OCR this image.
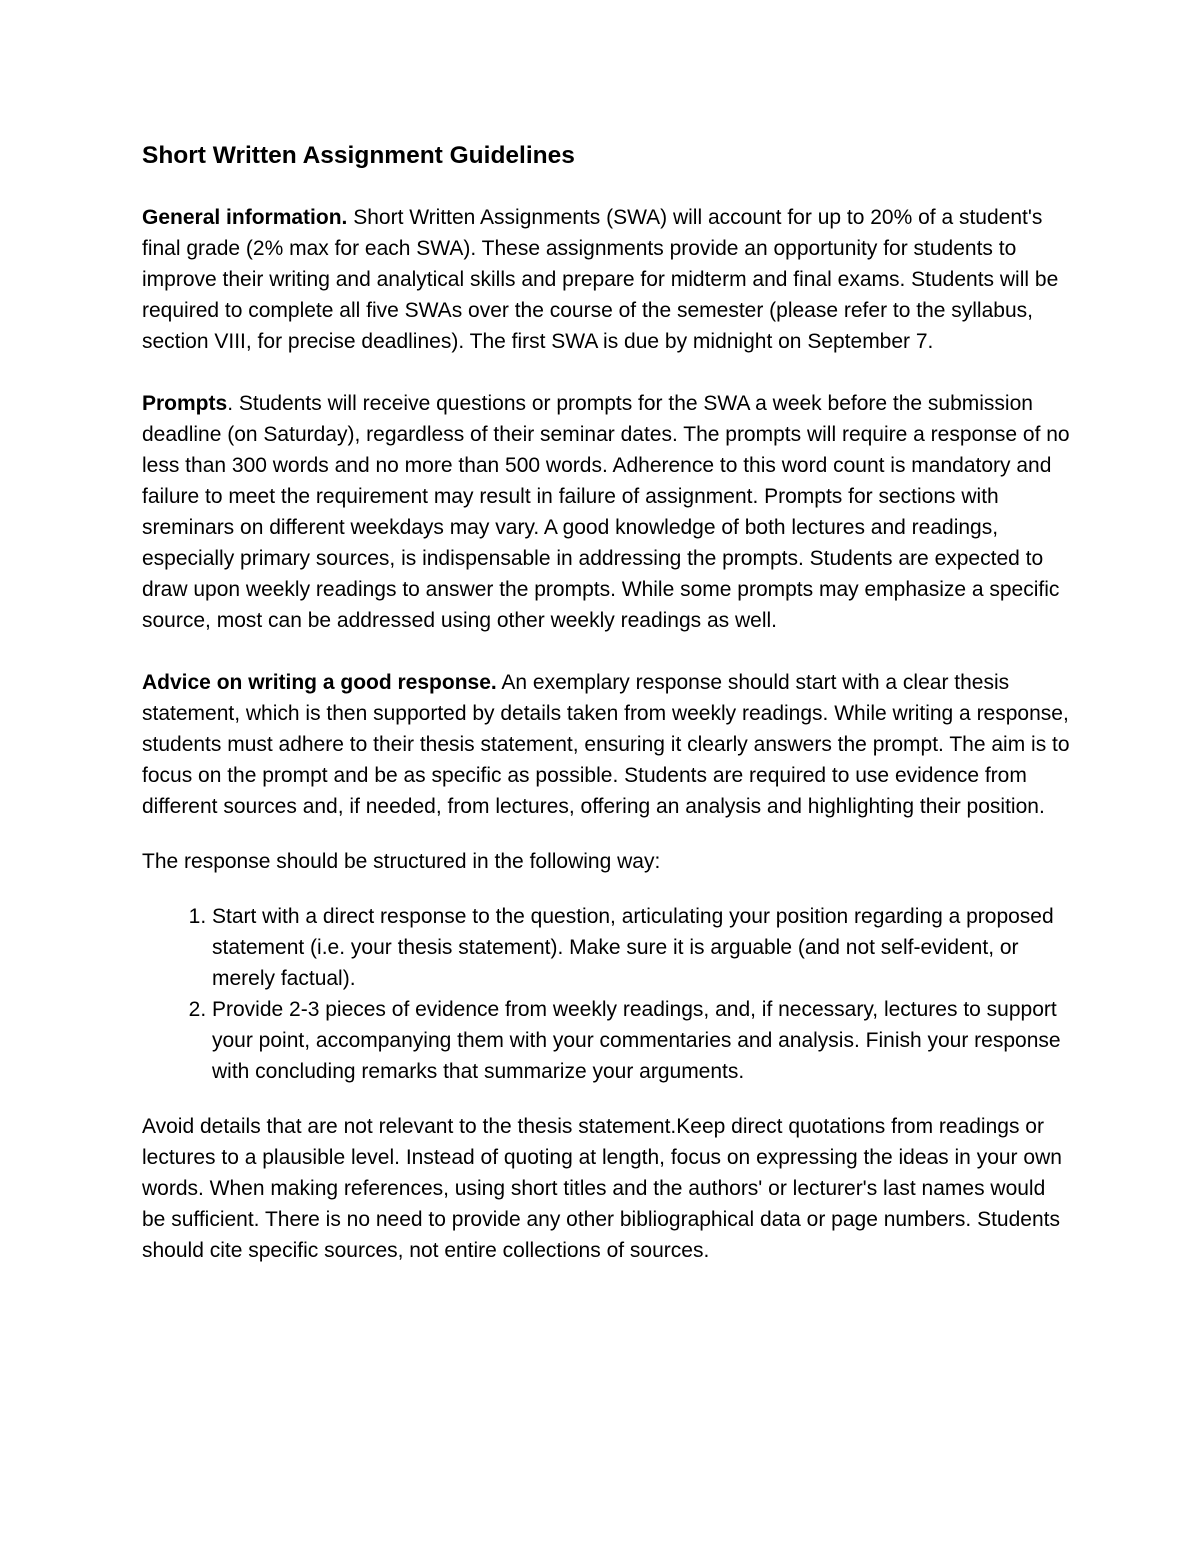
Short Written Assignment Guidelines

General information. Short Written Assignments (SWA) will account for up to 20% of a student's final grade (2% max for each SWA). These assignments provide an opportunity for students to improve their writing and analytical skills and prepare for midterm and final exams. Students will be required to complete all five SWAs over the course of the semester (please refer to the syllabus, section VIII, for precise deadlines). The first SWA is due by midnight on September 7.

Prompts. Students will receive questions or prompts for the SWA a week before the submission deadline (on Saturday), regardless of their seminar dates. The prompts will require a response of no less than 300 words and no more than 500 words. Adherence to this word count is mandatory and failure to meet the requirement may result in failure of assignment. Prompts for sections with sreminars on different weekdays may vary. A good knowledge of both lectures and readings, especially primary sources, is indispensable in addressing the prompts. Students are expected to draw upon weekly readings to answer the prompts. While some prompts may emphasize a specific source, most can be addressed using other weekly readings as well.

Advice on writing a good response. An exemplary response should start with a clear thesis statement, which is then supported by details taken from weekly readings. While writing a response, students must adhere to their thesis statement, ensuring it clearly answers the prompt. The aim is to focus on the prompt and be as specific as possible. Students are required to use evidence from different sources and, if needed, from lectures, offering an analysis and highlighting their position.

The response should be structured in the following way:

1. Start with a direct response to the question, articulating your position regarding a proposed statement (i.e. your thesis statement). Make sure it is arguable (and not self-evident, or merely factual).
2. Provide 2-3 pieces of evidence from weekly readings, and, if necessary, lectures to support your point, accompanying them with your commentaries and analysis. Finish your response with concluding remarks that summarize your arguments.

Avoid details that are not relevant to the thesis statement.Keep direct quotations from readings or lectures to a plausible level. Instead of quoting at length, focus on expressing the ideas in your own words. When making references, using short titles and the authors' or lecturer's last names would be sufficient. There is no need to provide any other bibliographical data or page numbers. Students should cite specific sources, not entire collections of sources.
